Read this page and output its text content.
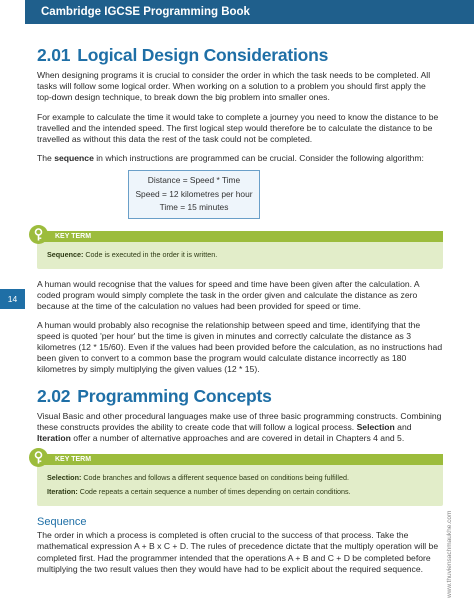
Cambridge IGCSE Programming Book
14
www.thuviensachmaukhe.com
2.01 Logical Design Considerations

When designing programs it is crucial to consider the order in which the task needs to be completed. All tasks will follow some logical order. When working on a solution to a problem you should first apply the top-down design technique, to break down the big problem into smaller ones.

For example to calculate the time it would take to complete a journey you need to know the distance to be travelled and the intended speed. The first logical step would therefore be to calculate the distance to be travelled as without this data the rest of the task could not be completed.

The sequence in which instructions are programmed can be crucial. Consider the following algorithm:

Distance = Speed * Time
Speed = 12 kilometres per hour
Time = 15 minutes
KEY TERM
Sequence: Code is executed in the order it is written.

A human would recognise that the values for speed and time have been given after the calculation. A coded program would simply complete the task in the order given and calculate the distance as zero because at the time of the calculation no values had been provided for speed or time.

A human would probably also recognise the relationship between speed and time, identifying that the speed is quoted 'per hour' but the time is given in minutes and correctly calculate the distance as 3 kilometres (12 * 15/60). Even if the values had been provided before the calculation, as no instructions had been given to convert to a common base the program would calculate distance incorrectly as 180 kilometres by simply multiplying the given values (12 * 15).

2.02 Programming Concepts

Visual Basic and other procedural languages make use of three basic programming constructs. Combining these constructs provides the ability to create code that will follow a logical process. Selection and Iteration offer a number of alternative approaches and are covered in detail in Chapters 4 and 5.

KEY TERM
Selection: Code branches and follows a different sequence based on conditions being fulfilled.
Iteration: Code repeats a certain sequence a number of times depending on certain conditions.
Sequence

The order in which a process is completed is often crucial to the success of that process. Take the mathematical expression A + B x C + D. The rules of precedence dictate that the multiply operation will be completed first. Had the programmer intended that the operations A + B and C + D be completed before multiplying the two result values then they would have had to be explicit about the required sequence.
